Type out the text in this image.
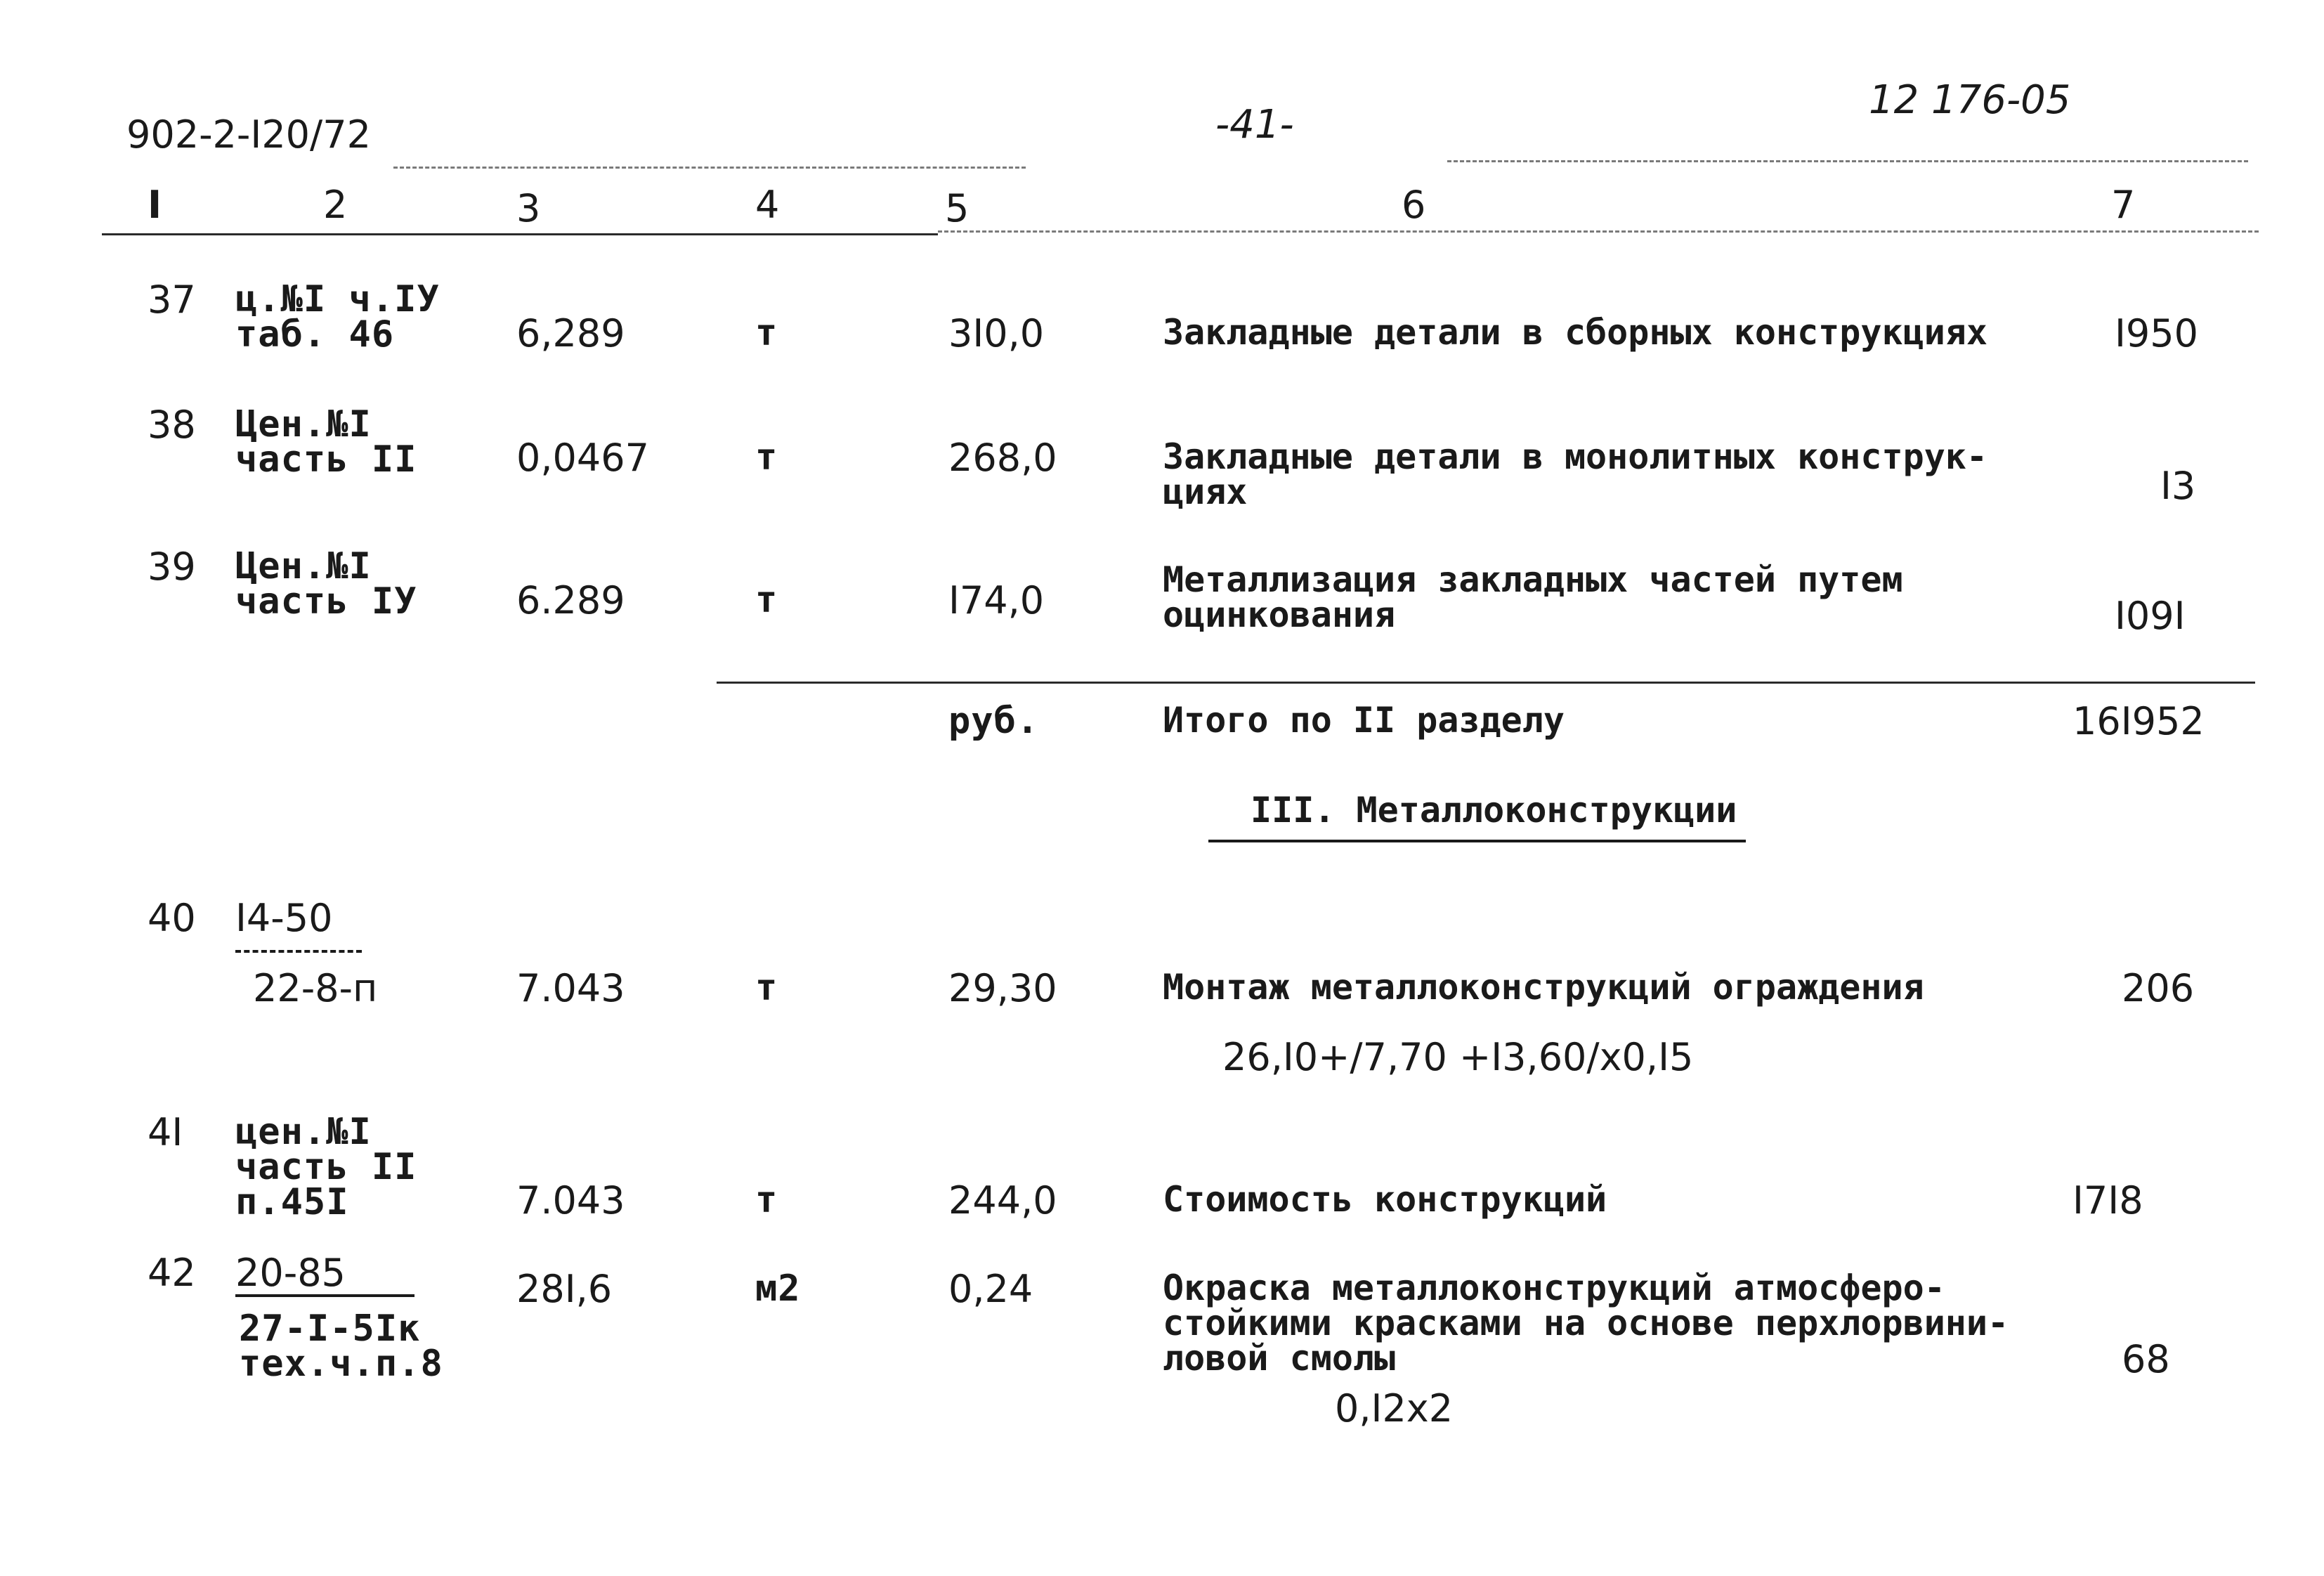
902-2-I20/72	-41-
12 176-05
I	2	3	4	5	6	7
37 ц.№I ч.IУ
таб. 46	6,289	т	3I0,0	Закладные детали в сборных конструкциях	I950
38 Цен.№I
часть II	0,0467	т	268,0	Закладные детали в монолитных конструк-
циях	I3
39 Цен.№I
часть IУ	6.289	т	I74,0	Металлизация закладных частей путем
оцинкования	I09I
руб.	Итого по II разделу	16I952
III. Металлоконструкции
40 I4-50
22-8-п	7.043	т	29,30	Монтаж металлоконструкций ограждения	206
26,I0+/7,70 +I3,60/x0,I5
4I цен.№I
часть II
п.45I	7.043	т	244,0	Стоимость конструкций	I7I8
42 20-85
27-I-5Iк
тех.ч.п.8
28I,6	м2	0,24	Окраска металлоконструкций атмосферо-
стойкими красками на основе перхлорвини-
ловой смолы	68
0,I2x2
